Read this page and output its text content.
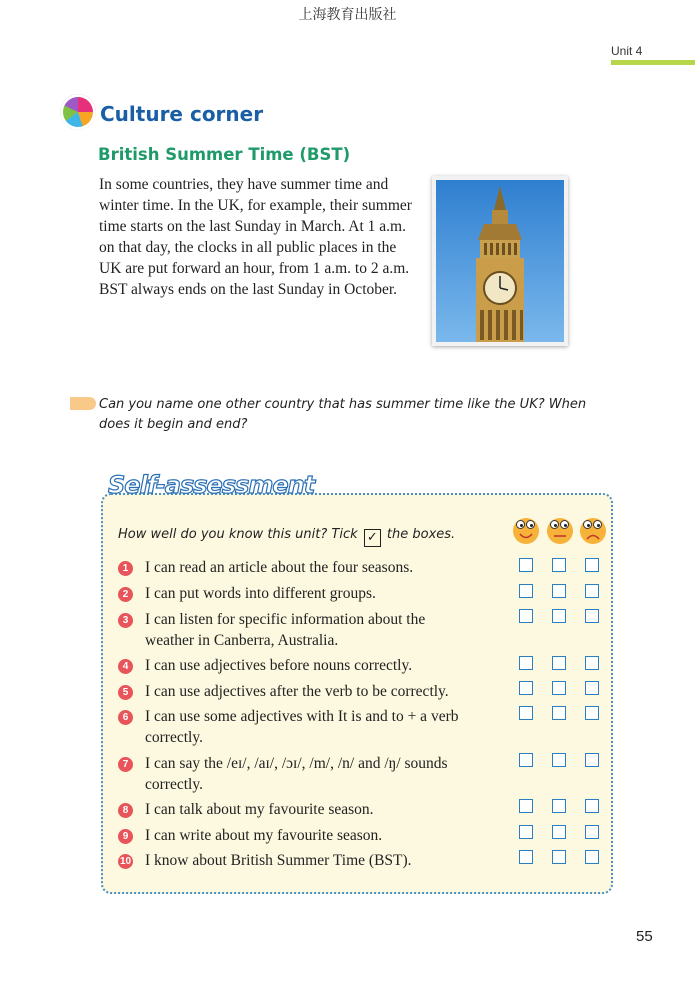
上海教育出版社
Unit 4
Culture corner
British Summer Time (BST)
In some countries, they have summer time and winter time. In the UK, for example, their summer time starts on the last Sunday in March. At 1 a.m. on that day, the clocks in all public places in the UK are put forward an hour, from 1 a.m. to 2 a.m. BST always ends on the last Sunday in October.
Can you name one other country that has summer time like the UK? When does it begin and end?
Self-assessment
How well do you know this unit? Tick ✓ the boxes.
1	I can read an article about the four seasons.
2	I can put words into different groups.
3	I can listen for specific information about the
weather in Canberra, Australia.
4	I can use adjectives before nouns correctly.
5	I can use adjectives after the verb to be correctly.
6	I can use some adjectives with It is and to + a verb
correctly.
7	I can say the /eɪ/, /aɪ/, /ɔɪ/, /m/, /n/ and /ŋ/ sounds
correctly.
8	I can talk about my favourite season.
9	I can write about my favourite season.
10 I know about British Summer Time (BST).
55
